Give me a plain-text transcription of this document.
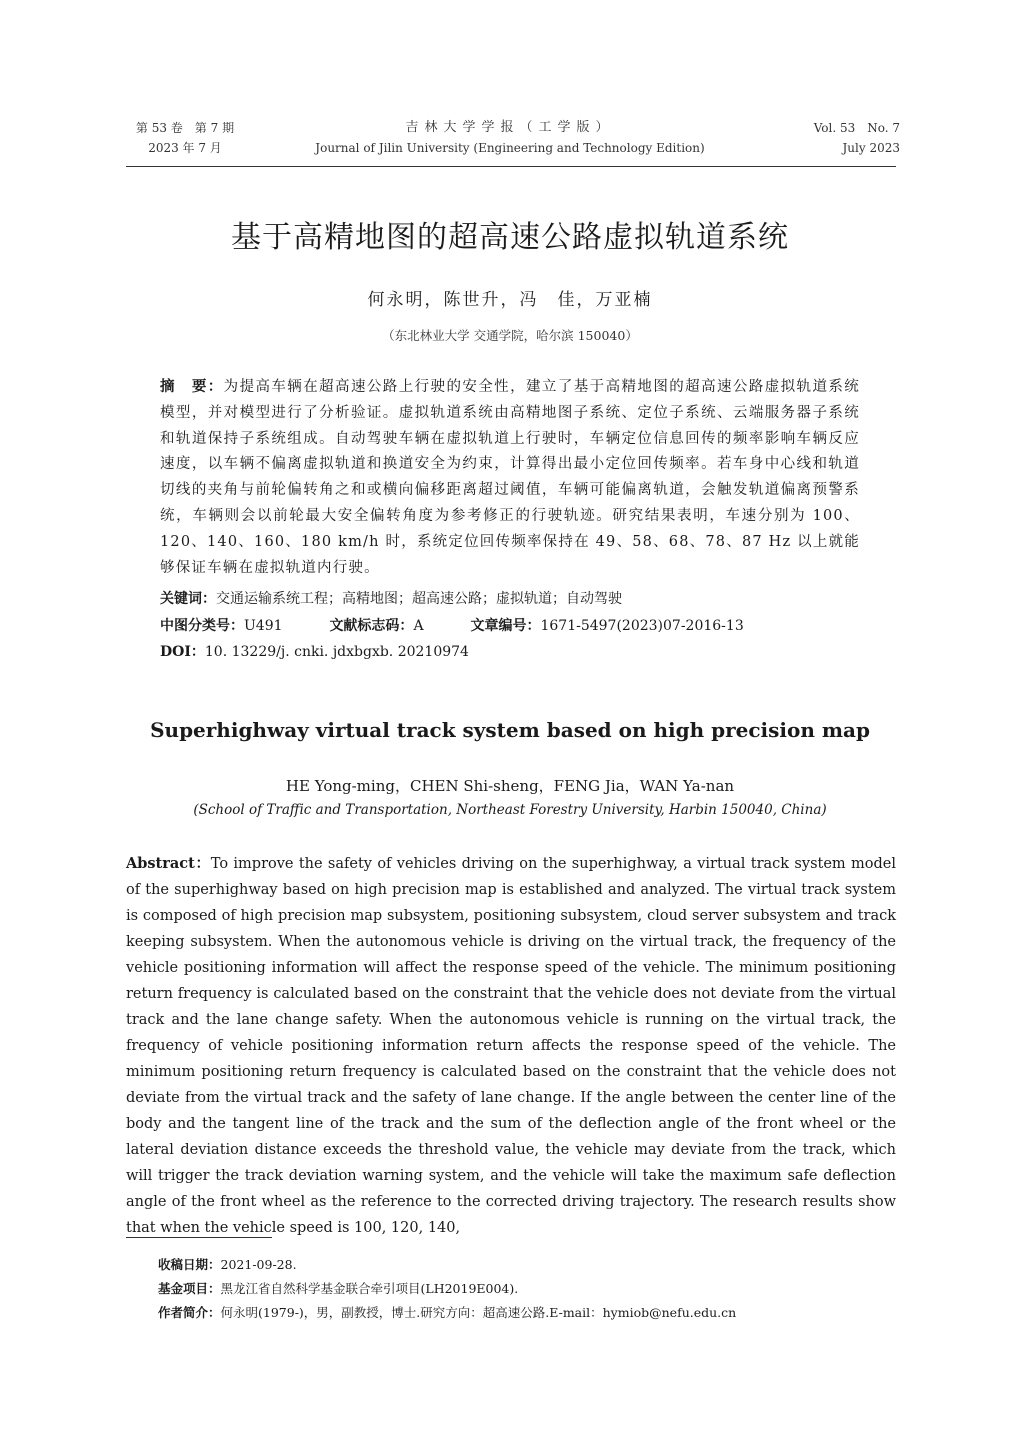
第 53 卷　第 7 期
2023 年 7 月
吉林大学学报（工学版）
Journal of Jilin University (Engineering and Technology Edition)
Vol. 53　No. 7
July 2023
基于高精地图的超高速公路虚拟轨道系统
何永明，陈世升，冯　佳，万亚楠
（东北林业大学 交通学院，哈尔滨 150040）
摘　要：为提高车辆在超高速公路上行驶的安全性，建立了基于高精地图的超高速公路虚拟轨道系统模型，并对模型进行了分析验证。虚拟轨道系统由高精地图子系统、定位子系统、云端服务器子系统和轨道保持子系统组成。自动驾驶车辆在虚拟轨道上行驶时，车辆定位信息回传的频率影响车辆反应速度，以车辆不偏离虚拟轨道和换道安全为约束，计算得出最小定位回传频率。若车身中心线和轨道切线的夹角与前轮偏转角之和或横向偏移距离超过阈值，车辆可能偏离轨道，会触发轨道偏离预警系统，车辆则会以前轮最大安全偏转角度为参考修正的行驶轨迹。研究结果表明，车速分别为 100、120、140、160、180 km/h 时，系统定位回传频率保持在 49、58、68、78、87 Hz 以上就能够保证车辆在虚拟轨道内行驶。
关键词：交通运输系统工程；高精地图；超高速公路；虚拟轨道；自动驾驶
中图分类号：U491	文献标志码：A	文章编号：1671-5497(2023)07-2016-13
DOI：10. 13229/j. cnki. jdxbgxb. 20210974
Superhighway virtual track system based on high precision map
HE Yong-ming，CHEN Shi-sheng，FENG Jia，WAN Ya-nan
(School of Traffic and Transportation, Northeast Forestry University, Harbin 150040, China)
Abstract：To improve the safety of vehicles driving on the superhighway, a virtual track system model of the superhighway based on high precision map is established and analyzed. The virtual track system is composed of high precision map subsystem, positioning subsystem, cloud server subsystem and track keeping subsystem. When the autonomous vehicle is driving on the virtual track, the frequency of the vehicle positioning information will affect the response speed of the vehicle. The minimum positioning return frequency is calculated based on the constraint that the vehicle does not deviate from the virtual track and the lane change safety. When the autonomous vehicle is running on the virtual track, the frequency of vehicle positioning information return affects the response speed of the vehicle. The minimum positioning return frequency is calculated based on the constraint that the vehicle does not deviate from the virtual track and the safety of lane change. If the angle between the center line of the body and the tangent line of the track and the sum of the deflection angle of the front wheel or the lateral deviation distance exceeds the threshold value, the vehicle may deviate from the track, which will trigger the track deviation warning system, and the vehicle will take the maximum safe deflection angle of the front wheel as the reference to the corrected driving trajectory. The research results show that when the vehicle speed is 100, 120, 140,
收稿日期：2021-09-28.
基金项目：黑龙江省自然科学基金联合牵引项目(LH2019E004).
作者简介：何永明(1979-)，男，副教授，博士.研究方向：超高速公路.E-mail：hymiob@nefu.edu.cn
